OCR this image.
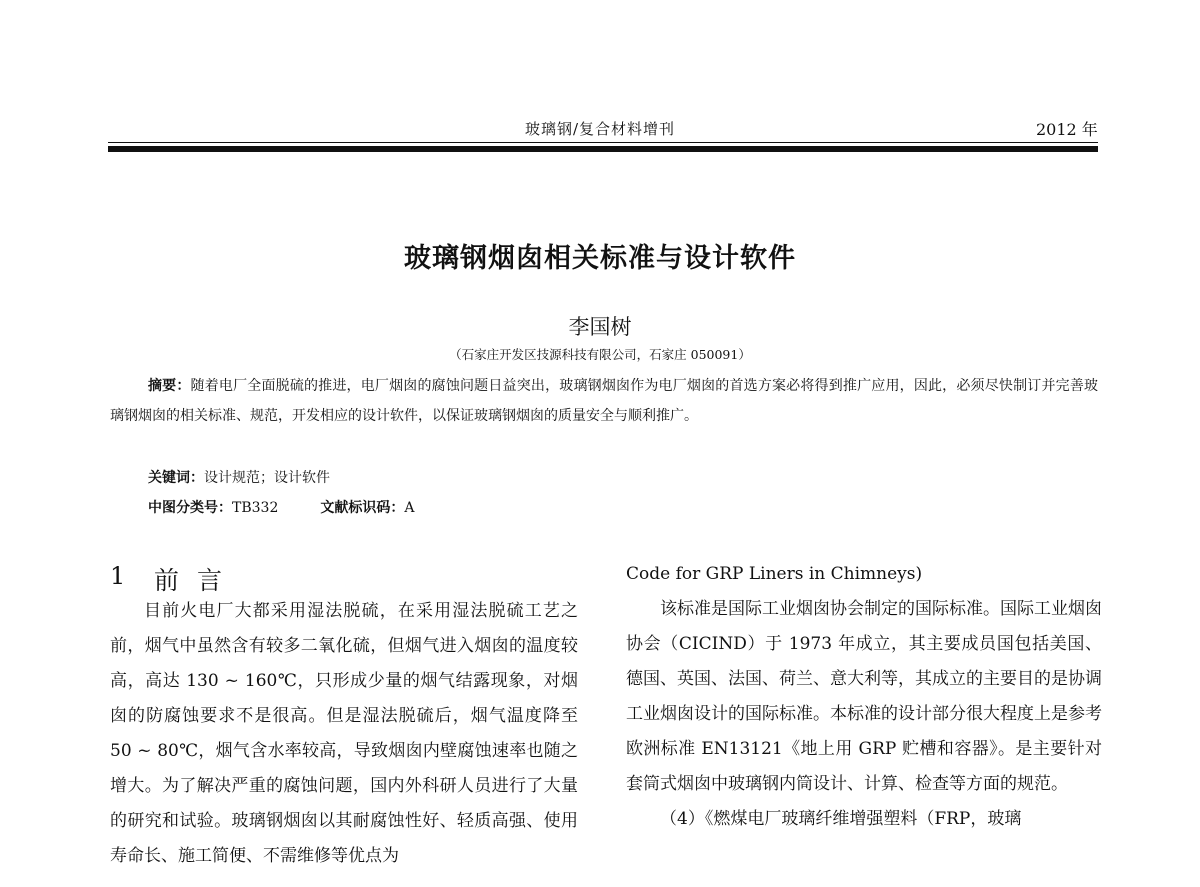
玻璃钢/复合材料增刊	2012 年
玻璃钢烟囱相关标准与设计软件
李国树
（石家庄开发区技源科技有限公司，石家庄 050091）
摘要：随着电厂全面脱硫的推进，电厂烟囱的腐蚀问题日益突出，玻璃钢烟囱作为电厂烟囱的首选方案必将得到推广应用，因此，必须尽快制订并完善玻璃钢烟囱的相关标准、规范，开发相应的设计软件，以保证玻璃钢烟囱的质量安全与顺利推广。
关键词：设计规范；设计软件
中图分类号：TB332	文献标识码：A
1 前言

目前火电厂大都采用湿法脱硫，在采用湿法脱硫工艺之前，烟气中虽然含有较多二氧化硫，但烟气进入烟囱的温度较高，高达 130 ~ 160℃，只形成少量的烟气结露现象，对烟囱的防腐蚀要求不是很高。但是湿法脱硫后，烟气温度降至 50 ~ 80℃，烟气含水率较高，导致烟囱内壁腐蚀速率也随之增大。为了解决严重的腐蚀问题，国内外科研人员进行了大量的研究和试验。玻璃钢烟囱以其耐腐蚀性好、轻质高强、使用寿命长、施工简便、不需维修等优点为

Code for GRP Liners in Chimneys)

该标准是国际工业烟囱协会制定的国际标准。国际工业烟囱协会（CICIND）于 1973 年成立，其主要成员国包括美国、德国、英国、法国、荷兰、意大利等，其成立的主要目的是协调工业烟囱设计的国际标准。本标准的设计部分很大程度上是参考欧洲标准 EN13121《地上用 GRP 贮槽和容器》。是主要针对套筒式烟囱中玻璃钢内筒设计、计算、检查等方面的规范。

（4）《燃煤电厂玻璃纤维增强塑料（FRP，玻璃
